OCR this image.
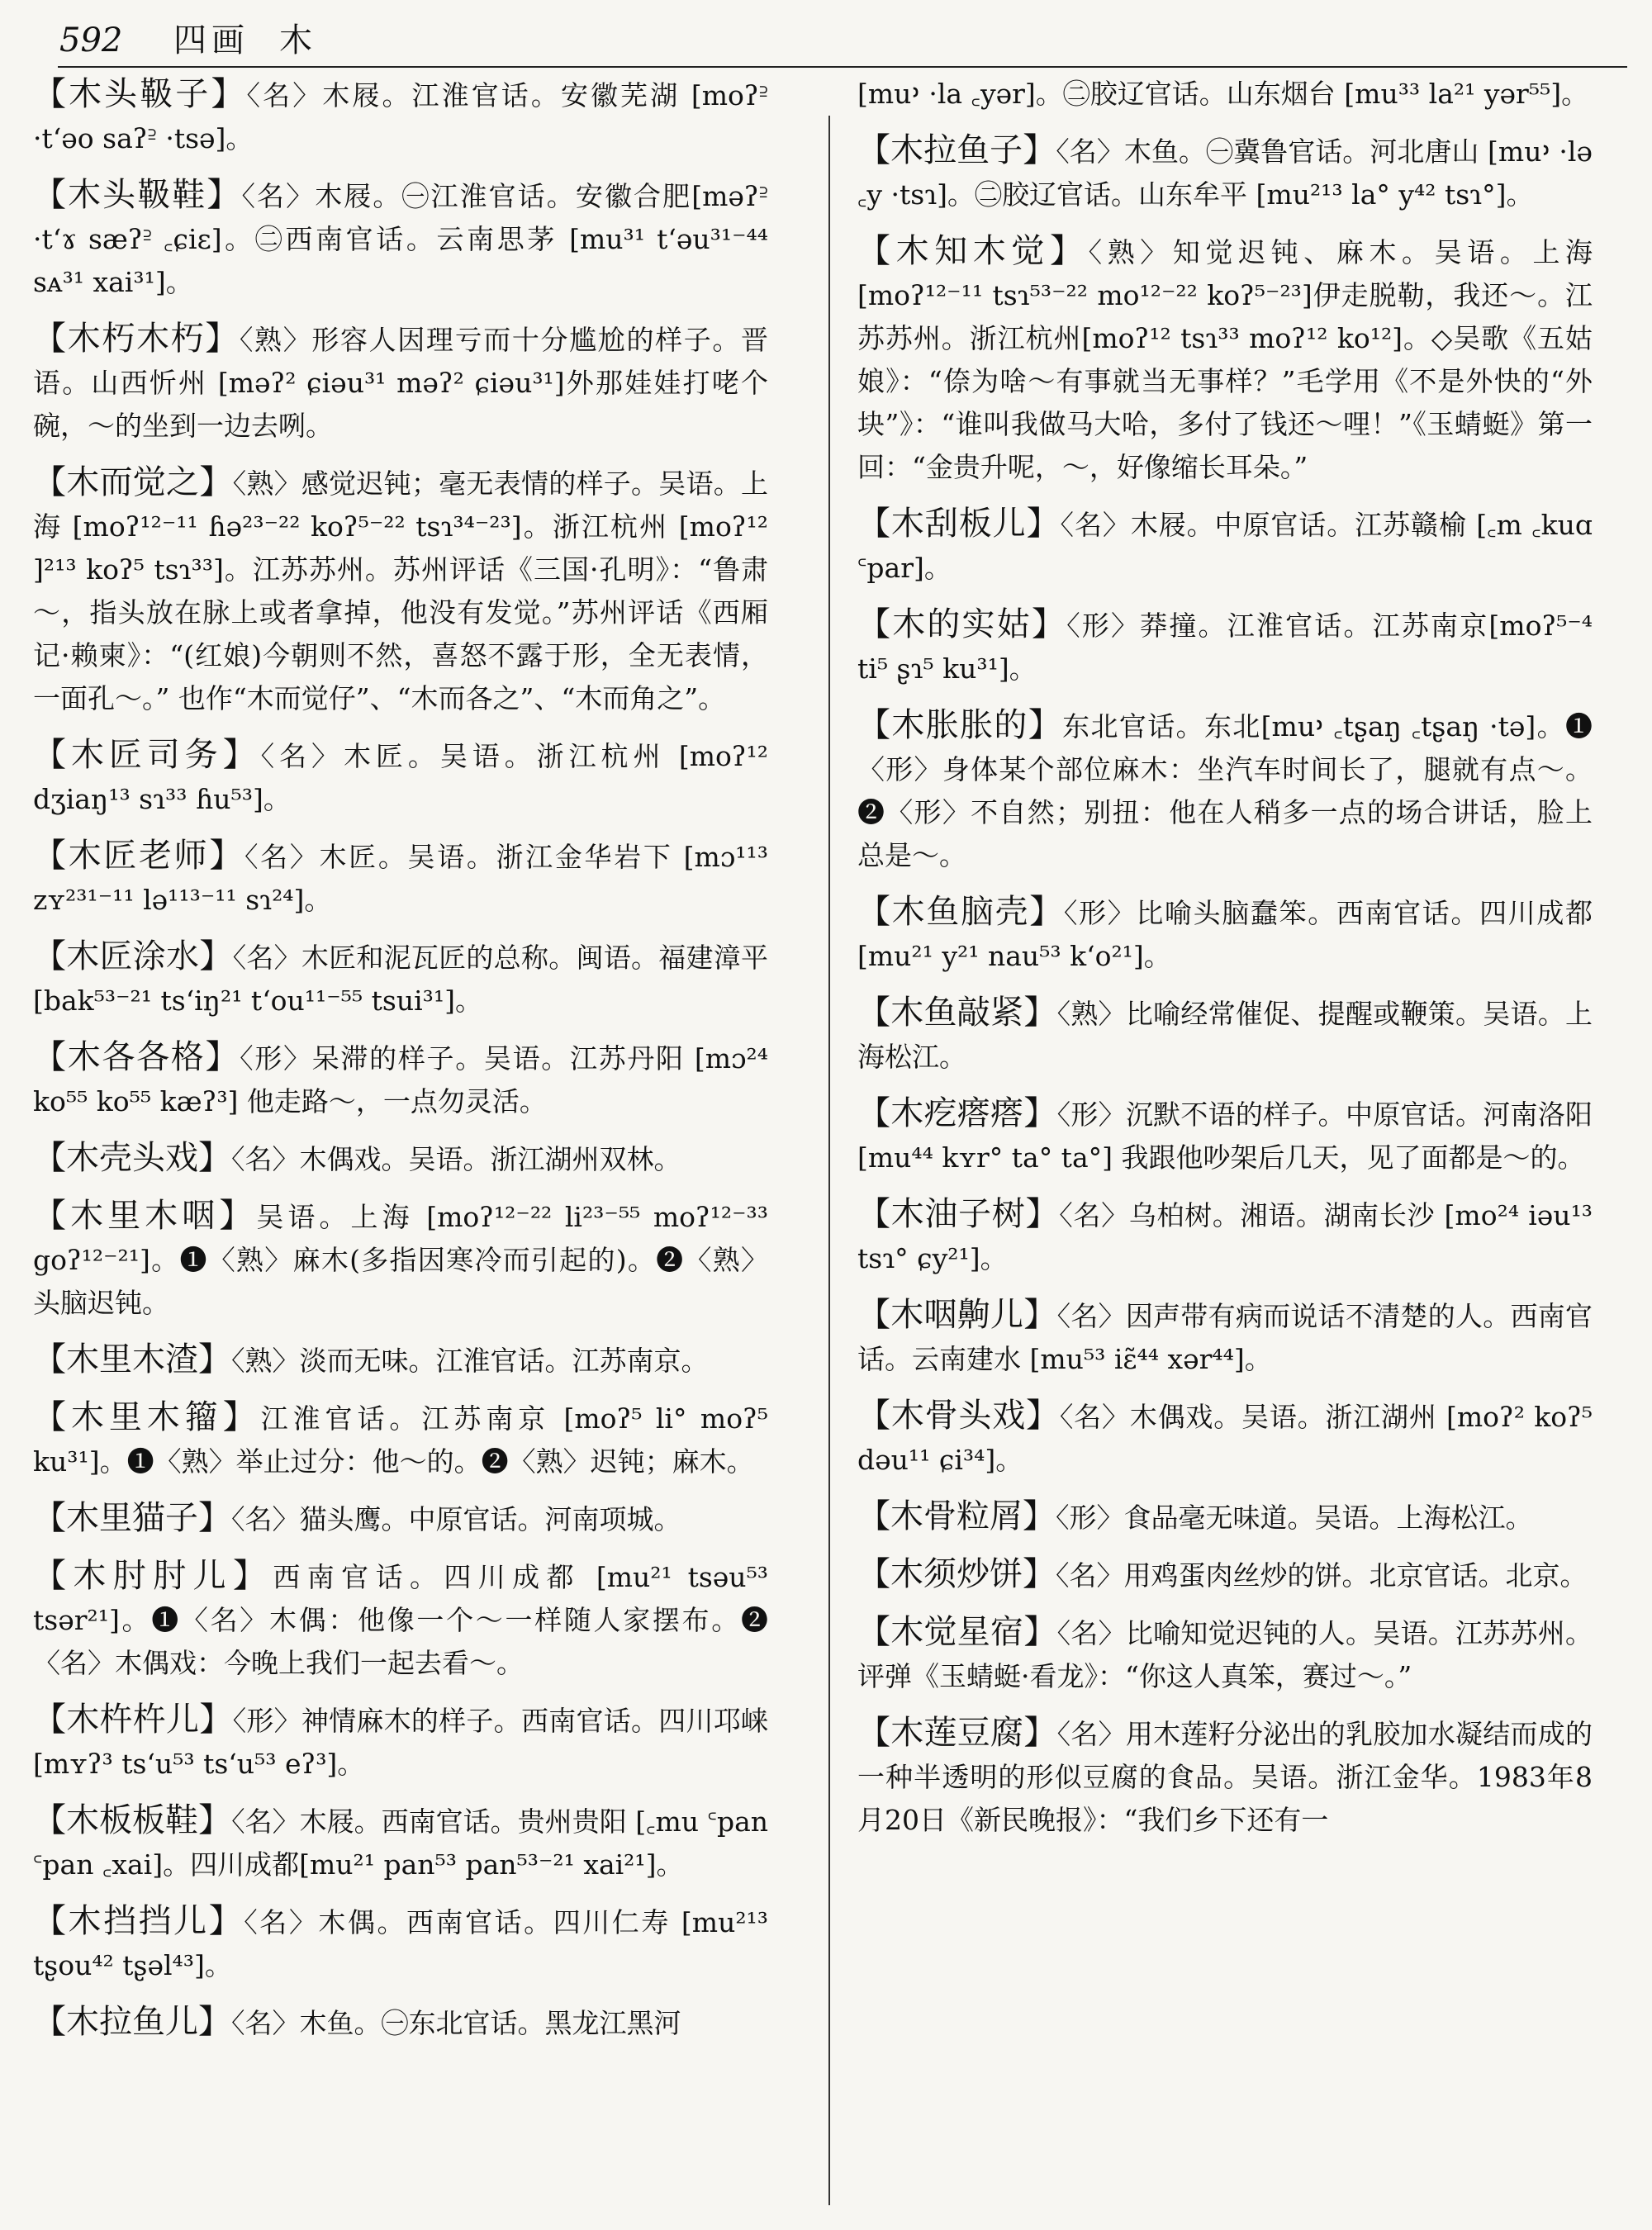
592 四画 木
【木头靸子】〈名〉木屐。江淮官话。安徽芜湖 [moʔ꜅ ·tʻəo saʔ꜅ ·tsə]。
【木头靸鞋】〈名〉木屐。㊀江淮官话。安徽合肥[məʔ꜅ ·tʻɤ sæʔ꜅ ꜀ɕiɛ]。㊁西南官话。云南思茅 [mu³¹ tʻəu³¹⁻⁴⁴ sᴀ³¹ xai³¹]。
【木朽木朽】〈熟〉形容人因理亏而十分尴尬的样子。晋语。山西忻州 [məʔ² ɕiəu³¹ məʔ² ɕiəu³¹]外那娃娃打咾个碗，～的坐到一边去咧。
【木而觉之】〈熟〉感觉迟钝；毫无表情的样子。吴语。上海 [moʔ¹²⁻¹¹ ɦə²³⁻²² koʔ⁵⁻²² tsɿ³⁴⁻²³]。浙江杭州 [moʔ¹² ]²¹³ koʔ⁵ tsɿ³³]。江苏苏州。苏州评话《三国·孔明》：“鲁肃～，指头放在脉上或者拿掉，他没有发觉。”苏州评话《西厢记·赖柬》：“(红娘)今朝则不然，喜怒不露于形，全无表情，一面孔～。” 也作“木而觉仔”、“木而各之”、“木而角之”。
【木匠司务】〈名〉木匠。吴语。浙江杭州 [moʔ¹² dʒiaŋ¹³ sɿ³³ ɦu⁵³]。
【木匠老师】〈名〉木匠。吴语。浙江金华岩下 [mɔ¹¹³ zʏ²³¹⁻¹¹ lə¹¹³⁻¹¹ sɿ²⁴]。
【木匠涂水】〈名〉木匠和泥瓦匠的总称。闽语。福建漳平 [bak⁵³⁻²¹ tsʻiŋ²¹ tʻou¹¹⁻⁵⁵ tsui³¹]。
【木各各格】〈形〉呆滞的样子。吴语。江苏丹阳 [mɔ²⁴ ko⁵⁵ ko⁵⁵ kæʔ³] 他走路～，一点勿灵活。
【木壳头戏】〈名〉木偶戏。吴语。浙江湖州双林。
【木里木咽】吴语。上海 [moʔ¹²⁻²² li²³⁻⁵⁵ moʔ¹²⁻³³ goʔ¹²⁻²¹]。❶〈熟〉麻木(多指因寒冷而引起的)。❷〈熟〉头脑迟钝。
【木里木渣】〈熟〉淡而无味。江淮官话。江苏南京。
【木里木籀】江淮官话。江苏南京 [moʔ⁵ li° moʔ⁵ ku³¹]。❶〈熟〉举止过分：他～的。❷〈熟〉迟钝；麻木。
【木里猫子】〈名〉猫头鹰。中原官话。河南项城。
【木肘肘儿】西南官话。四川成都 [mu²¹ tsəu⁵³ tsər²¹]。❶〈名〉木偶：他像一个～一样随人家摆布。❷〈名〉木偶戏：今晚上我们一起去看～。
【木杵杵儿】〈形〉神情麻木的样子。西南官话。四川邛崃 [mʏʔ³ tsʻu⁵³ tsʻu⁵³ eʔ³]。
【木板板鞋】〈名〉木屐。西南官话。贵州贵阳 [꜀mu ꜂pan ꜂pan ꜀xai]。四川成都[mu²¹ pan⁵³ pan⁵³⁻²¹ xai²¹]。
【木挡挡儿】〈名〉木偶。西南官话。四川仁寿 [mu²¹³ tʂou⁴² tʂəl⁴³]。
【木拉鱼儿】〈名〉木鱼。㊀东北官话。黑龙江黑河
[mu᠈ ·la ꜀yər]。㊁胶辽官话。山东烟台 [mu³³ la²¹ yər⁵⁵]。
【木拉鱼子】〈名〉木鱼。㊀冀鲁官话。河北唐山 [mu᠈ ·lə ꜀y ·tsɿ]。㊁胶辽官话。山东牟平 [mu²¹³ la° y⁴² tsɿ°]。
【木知木觉】〈熟〉知觉迟钝、麻木。吴语。上海 [moʔ¹²⁻¹¹ tsɿ⁵³⁻²² mo¹²⁻²² koʔ⁵⁻²³]伊走脱勒，我还～。江苏苏州。浙江杭州[moʔ¹² tsɿ³³ moʔ¹² ko¹²]。◇吴歌《五姑娘》：“倷为啥～有事就当无事样？”毛学用《不是外快的“外块”》：“谁叫我做马大哈，多付了钱还～哩！”《玉蜻蜓》第一回：“金贵升呢，～，好像缩长耳朵。”
【木刮板儿】〈名〉木屐。中原官话。江苏赣榆 [꜀m ꜀kuɑ ꜂par]。
【木的实姑】〈形〉莽撞。江淮官话。江苏南京[moʔ⁵⁻⁴ ti⁵ ʂɿ⁵ ku³¹]。
【木胀胀的】东北官话。东北[mu᠈ ꜀tʂaŋ ꜀tʂaŋ ·tə]。❶〈形〉身体某个部位麻木：坐汽车时间长了，腿就有点～。❷〈形〉不自然；别扭：他在人稍多一点的场合讲话，脸上总是～。
【木鱼脑壳】〈形〉比喻头脑蠢笨。西南官话。四川成都 [mu²¹ y²¹ nau⁵³ kʻo²¹]。
【木鱼敲紧】〈熟〉比喻经常催促、提醒或鞭策。吴语。上海松江。
【木疙瘩瘩】〈形〉沉默不语的样子。中原官话。河南洛阳 [mu⁴⁴ kʏr° ta° ta°] 我跟他吵架后几天，见了面都是～的。
【木油子树】〈名〉乌柏树。湘语。湖南长沙 [mo²⁴ iəu¹³ tsɿ° ɕy²¹]。
【木咽齁儿】〈名〉因声带有病而说话不清楚的人。西南官话。云南建水 [mu⁵³ iɛ̃⁴⁴ xər⁴⁴]。
【木骨头戏】〈名〉木偶戏。吴语。浙江湖州 [moʔ² koʔ⁵ dəu¹¹ ɕi³⁴]。
【木骨粒屑】〈形〉食品毫无味道。吴语。上海松江。
【木须炒饼】〈名〉用鸡蛋肉丝炒的饼。北京官话。北京。
【木觉星宿】〈名〉比喻知觉迟钝的人。吴语。江苏苏州。评弹《玉蜻蜓·看龙》：“你这人真笨，赛过～。”
【木莲豆腐】〈名〉用木莲籽分泌出的乳胶加水凝结而成的一种半透明的形似豆腐的食品。吴语。浙江金华。1983年8月20日《新民晚报》：“我们乡下还有一
